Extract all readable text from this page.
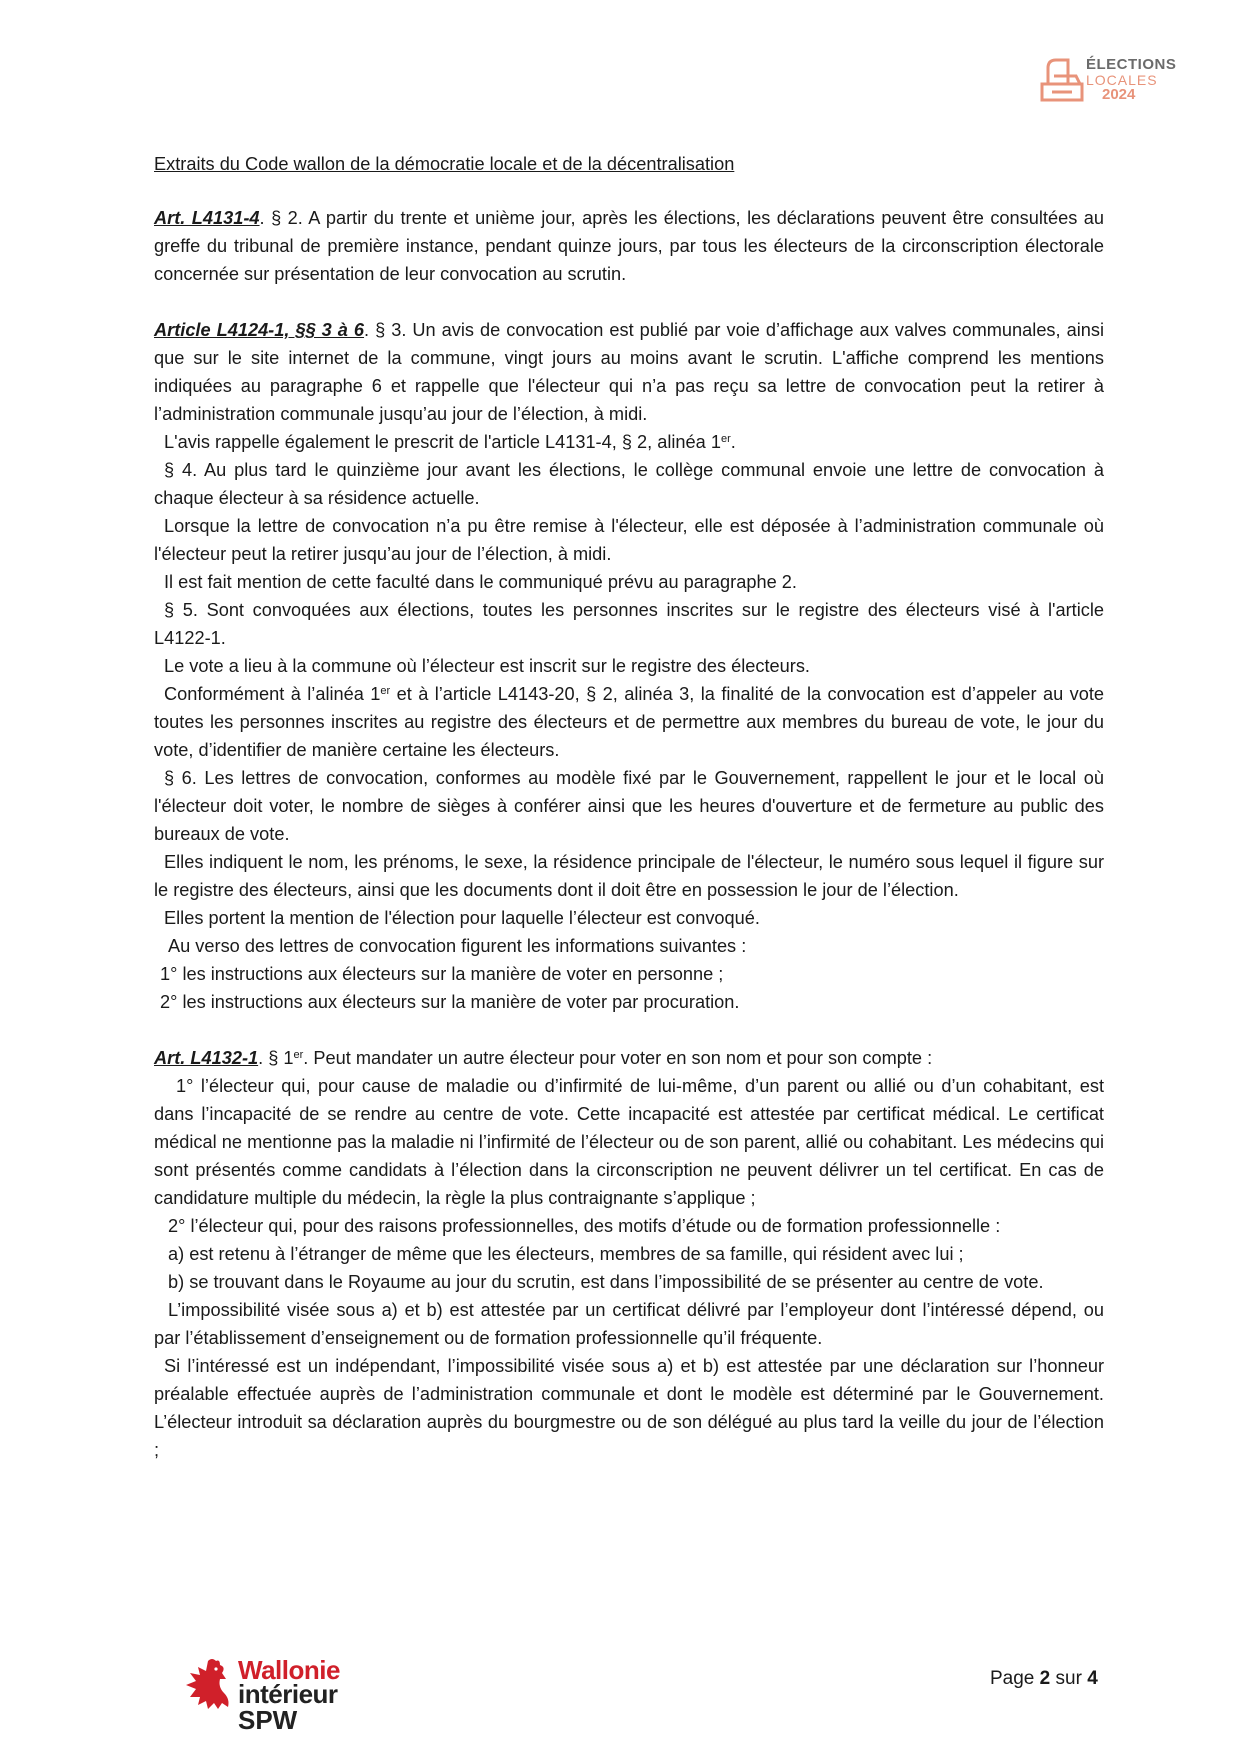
ÉLECTIONS
LOCALES
2024

Extraits du Code wallon de la démocratie locale et de la décentralisation

Art. L4131-4. § 2. A partir du trente et unième jour, après les élections, les déclarations peuvent être consultées au greffe du tribunal de première instance, pendant quinze jours, par tous les électeurs de la circonscription électorale concernée sur présentation de leur convocation au scrutin.

Article L4124-1, §§ 3 à 6. § 3. Un avis de convocation est publié par voie d’affichage aux valves communales, ainsi que sur le site internet de la commune, vingt jours au moins avant le scrutin. L'affiche comprend les mentions indiquées au paragraphe 6 et rappelle que l'électeur qui n’a pas reçu sa lettre de convocation peut la retirer à l’administration communale jusqu’au jour de l’élection, à midi.

L'avis rappelle également le prescrit de l'article L4131-4, § 2, alinéa 1er.

§ 4. Au plus tard le quinzième jour avant les élections, le collège communal envoie une lettre de convocation à chaque électeur à sa résidence actuelle.

Lorsque la lettre de convocation n’a pu être remise à l'électeur, elle est déposée à l’administration communale où l'électeur peut la retirer jusqu’au jour de l’élection, à midi.

Il est fait mention de cette faculté dans le communiqué prévu au paragraphe 2.

§ 5. Sont convoquées aux élections, toutes les personnes inscrites sur le registre des électeurs visé à l'article L4122-1.

Le vote a lieu à la commune où l’électeur est inscrit sur le registre des électeurs.

Conformément à l’alinéa 1er et à l’article L4143-20, § 2, alinéa 3, la finalité de la convocation est d’appeler au vote toutes les personnes inscrites au registre des électeurs et de permettre aux membres du bureau de vote, le jour du vote, d’identifier de manière certaine les électeurs.

§ 6. Les lettres de convocation, conformes au modèle fixé par le Gouvernement, rappellent le jour et le local où l'électeur doit voter, le nombre de sièges à conférer ainsi que les heures d'ouverture et de fermeture au public des bureaux de vote.

Elles indiquent le nom, les prénoms, le sexe, la résidence principale de l'électeur, le numéro sous lequel il figure sur le registre des électeurs, ainsi que les documents dont il doit être en possession le jour de l’élection.

Elles portent la mention de l'élection pour laquelle l’électeur est convoqué.

Au verso des lettres de convocation figurent les informations suivantes :

1° les instructions aux électeurs sur la manière de voter en personne ;

2° les instructions aux électeurs sur la manière de voter par procuration.

Art. L4132-1. § 1er. Peut mandater un autre électeur pour voter en son nom et pour son compte :

1° l’électeur qui, pour cause de maladie ou d’infirmité de lui-même, d’un parent ou allié ou d’un cohabitant, est dans l’incapacité de se rendre au centre de vote. Cette incapacité est attestée par certificat médical. Le certificat médical ne mentionne pas la maladie ni l’infirmité de l’électeur ou de son parent, allié ou cohabitant. Les médecins qui sont présentés comme candidats à l’élection dans la circonscription ne peuvent délivrer un tel certificat. En cas de candidature multiple du médecin, la règle la plus contraignante s’applique ;

2° l’électeur qui, pour des raisons professionnelles, des motifs d’étude ou de formation professionnelle :

a) est retenu à l’étranger de même que les électeurs, membres de sa famille, qui résident avec lui ;

b) se trouvant dans le Royaume au jour du scrutin, est dans l’impossibilité de se présenter au centre de vote.

L’impossibilité visée sous a) et b) est attestée par un certificat délivré par l’employeur dont l’intéressé dépend, ou par l’établissement d’enseignement ou de formation professionnelle qu’il fréquente.

Si l’intéressé est un indépendant, l’impossibilité visée sous a) et b) est attestée par une déclaration sur l’honneur préalable effectuée auprès de l’administration communale et dont le modèle est déterminé par le Gouvernement. L’électeur introduit sa déclaration auprès du bourgmestre ou de son délégué au plus tard la veille du jour de l’élection ;

Wallonie
intérieur
SPW
Page 2 sur 4
